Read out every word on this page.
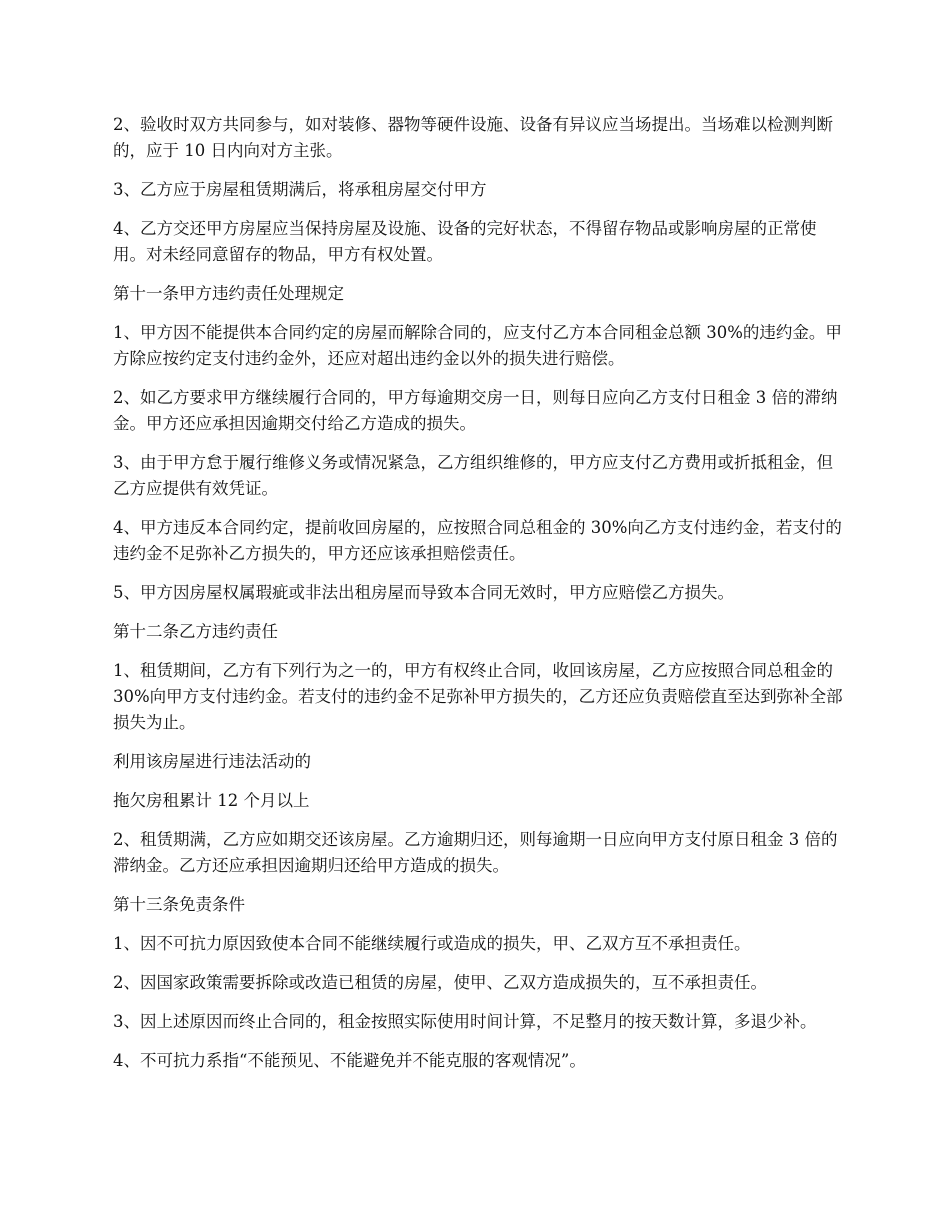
2、验收时双方共同参与，如对装修、器物等硬件设施、设备有异议应当场提出。当场难以检测判断的，应于 10 日内向对方主张。

3、乙方应于房屋租赁期满后，将承租房屋交付甲方

4、乙方交还甲方房屋应当保持房屋及设施、设备的完好状态，不得留存物品或影响房屋的正常使用。对未经同意留存的物品，甲方有权处置。

第十一条甲方违约责任处理规定

1、甲方因不能提供本合同约定的房屋而解除合同的，应支付乙方本合同租金总额 30%的违约金。甲方除应按约定支付违约金外，还应对超出违约金以外的损失进行赔偿。

2、如乙方要求甲方继续履行合同的，甲方每逾期交房一日，则每日应向乙方支付日租金 3 倍的滞纳金。甲方还应承担因逾期交付给乙方造成的损失。

3、由于甲方怠于履行维修义务或情况紧急，乙方组织维修的，甲方应支付乙方费用或折抵租金，但乙方应提供有效凭证。

4、甲方违反本合同约定，提前收回房屋的，应按照合同总租金的 30%向乙方支付违约金，若支付的违约金不足弥补乙方损失的，甲方还应该承担赔偿责任。

5、甲方因房屋权属瑕疵或非法出租房屋而导致本合同无效时，甲方应赔偿乙方损失。

第十二条乙方违约责任

1、租赁期间，乙方有下列行为之一的，甲方有权终止合同，收回该房屋，乙方应按照合同总租金的 30%向甲方支付违约金。若支付的违约金不足弥补甲方损失的，乙方还应负责赔偿直至达到弥补全部损失为止。

利用该房屋进行违法活动的

拖欠房租累计 12 个月以上

2、租赁期满，乙方应如期交还该房屋。乙方逾期归还，则每逾期一日应向甲方支付原日租金 3 倍的滞纳金。乙方还应承担因逾期归还给甲方造成的损失。

第十三条免责条件

1、因不可抗力原因致使本合同不能继续履行或造成的损失，甲、乙双方互不承担责任。

2、因国家政策需要拆除或改造已租赁的房屋，使甲、乙双方造成损失的，互不承担责任。

3、因上述原因而终止合同的，租金按照实际使用时间计算，不足整月的按天数计算，多退少补。

4、不可抗力系指“不能预见、不能避免并不能克服的客观情况”。
